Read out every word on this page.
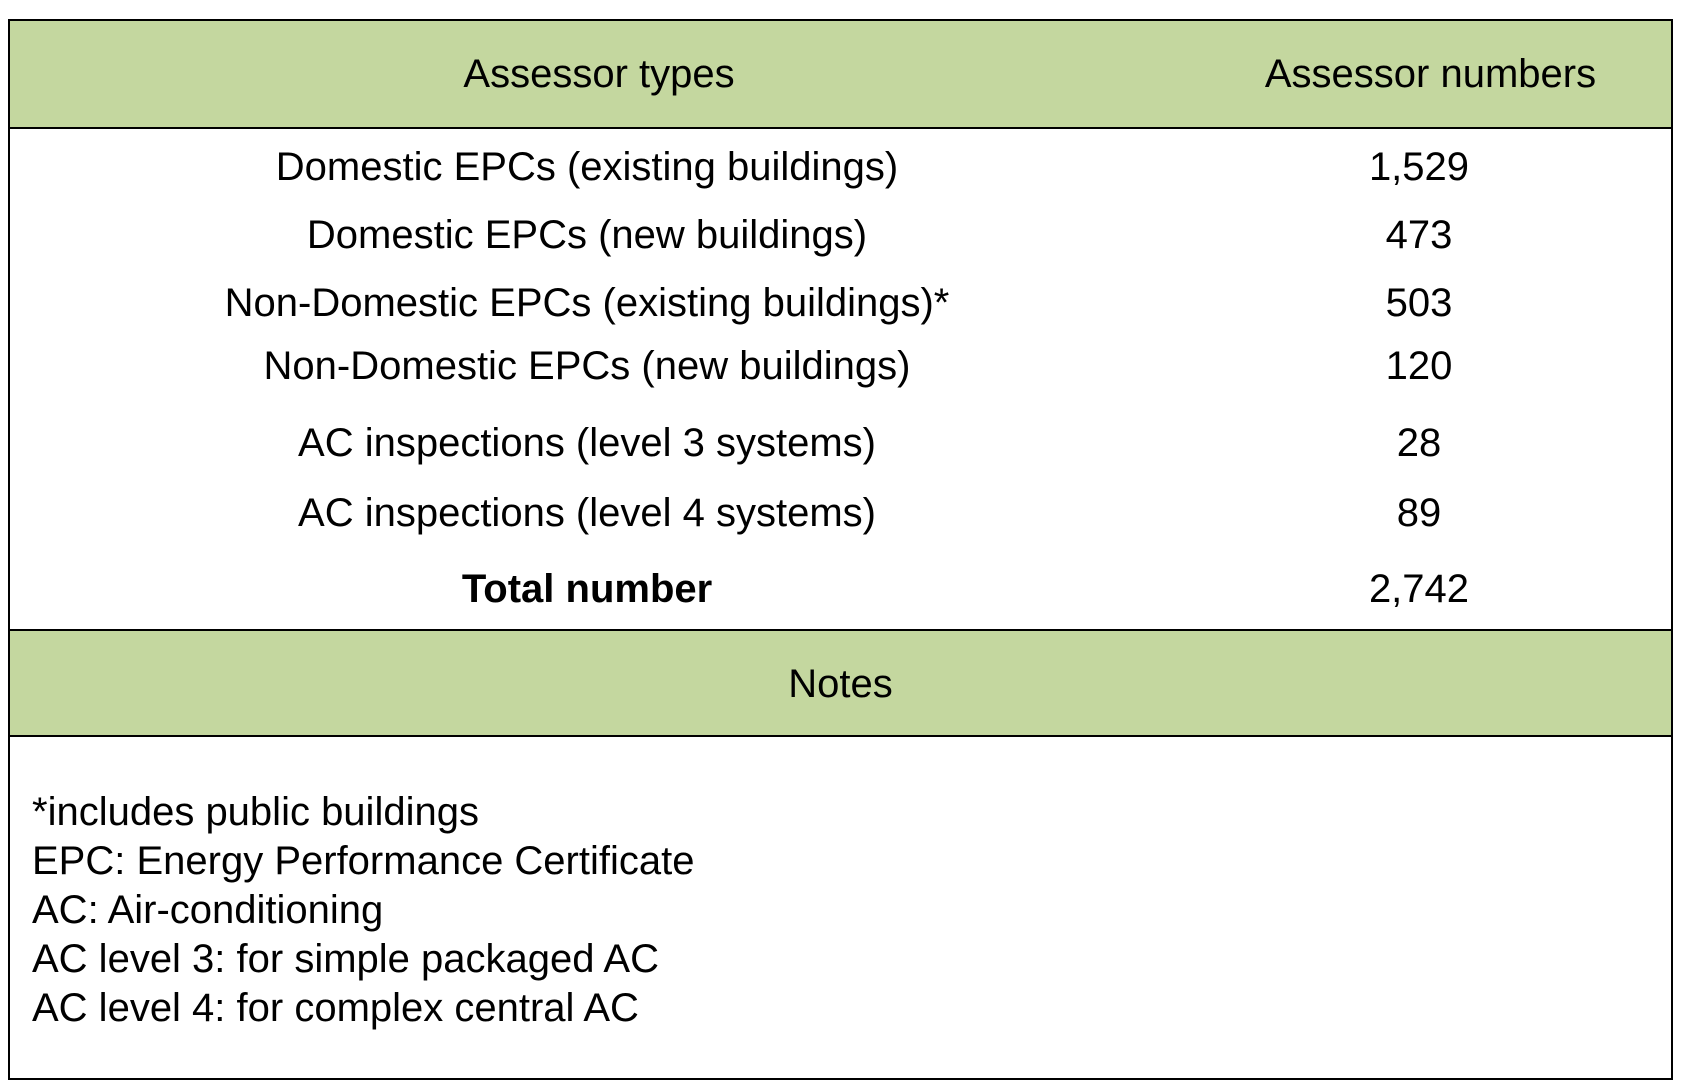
Assessor types	Assessor numbers
Domestic EPCs (existing buildings)	1,529
Domestic EPCs (new buildings)	473
Non-Domestic EPCs (existing buildings)*	503
Non-Domestic EPCs (new buildings)	120
AC inspections (level 3 systems)	28
AC inspections (level 4 systems)	89
Total number	2,742
Notes
*includes public buildings
EPC: Energy Performance Certificate
AC: Air-conditioning
AC level 3: for simple packaged AC
AC level 4: for complex central AC
